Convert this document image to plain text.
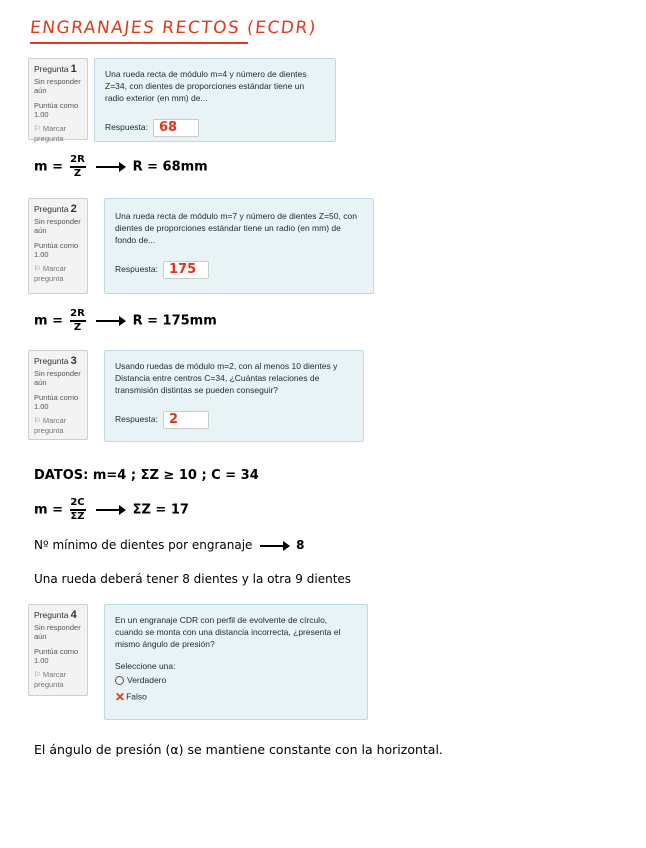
ENGRANAJES RECTOS (ECDR)
Pregunta 1
Sin responder aún
Puntúa como 1.00
⚐ Marcar pregunta
Una rueda recta de módulo m=4 y número de dientes Z=34, con dientes de proporciones estándar tiene un radio exterior (en mm) de...
Respuesta: 68
$m = \frac{2R}{Z}$	R = 68mm
Pregunta 2
Sin responder aún
Puntúa como 1.00
⚐ Marcar pregunta
Una rueda recta de módulo m=7 y número de dientes Z=50, con dientes de proporciones estándar tiene un radio (en mm) de fondo de...
Respuesta: 175
$m = \frac{2R}{Z}$	R = 175mm
Pregunta 3
Sin responder aún
Puntúa como 1.00
⚐ Marcar pregunta
Usando ruedas de módulo m=2, con al menos 10 dientes y Distancia entre centros C=34, ¿Cuántas relaciones de transmisión distintas se pueden conseguir?
Respuesta: 2
DATOS: m=4 ; ΣZ ≥ 10 ; C = 34
$m = \frac{2C}{\Sigma Z}$	ΣZ = 17
Nº mínimo de dientes por engranaje	8
Una rueda deberá tener 8 dientes y la otra 9 dientes
Pregunta 4
Sin responder aún
Puntúa como 1.00
⚐ Marcar pregunta
En un engranaje CDR con perfil de evolvente de círculo, cuando se monta con una distancia incorrecta, ¿presenta el mismo ángulo de presión?
Seleccione una:
Verdadero
✕Falso
El ángulo de presión (α) se mantiene constante con la horizontal.
